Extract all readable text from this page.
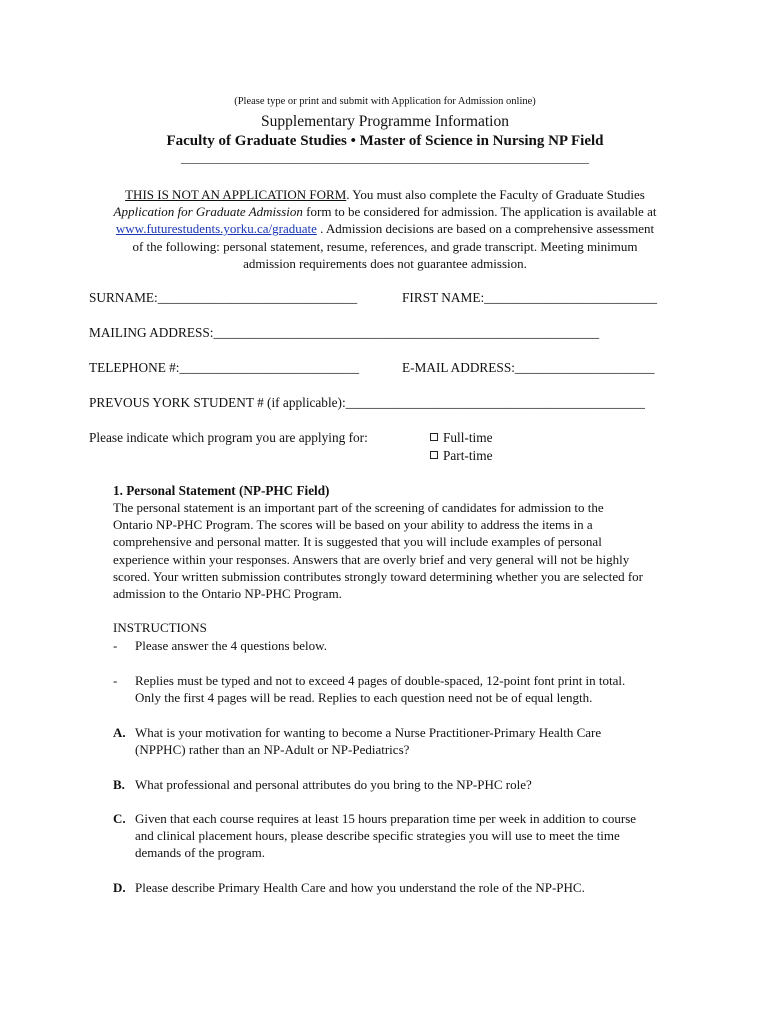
(Please type or print and submit with Application for Admission online)
Supplementary Programme Information
Faculty of Graduate Studies • Master of Science in Nursing NP Field
____________________________________________________________________
THIS IS NOT AN APPLICATION FORM. You must also complete the Faculty of Graduate Studies
Application for Graduate Admission form to be considered for admission. The application is available at
www.futurestudents.yorku.ca/graduate . Admission decisions are based on a comprehensive assessment
of the following: personal statement, resume, references, and grade transcript. Meeting minimum
admission requirements does not guarantee admission.
SURNAME:______________________________	FIRST NAME:__________________________
MAILING ADDRESS:__________________________________________________________
TELEPHONE #:___________________________	E-MAIL ADDRESS:_____________________
PREVOUS YORK STUDENT # (if applicable):_____________________________________________
Please indicate which program you are applying for:	Full-time
Part-time
1. Personal Statement (NP-PHC Field)
The personal statement is an important part of the screening of candidates for admission to the
Ontario NP-PHC Program. The scores will be based on your ability to address the items in a
comprehensive and personal matter. It is suggested that you will include examples of personal
experience within your responses. Answers that are overly brief and very general will not be highly
scored. Your written submission contributes strongly toward determining whether you are selected for
admission to the Ontario NP-PHC Program.
INSTRUCTIONS
- Please answer the 4 questions below.
- Replies must be typed and not to exceed 4 pages of double-spaced, 12-point font print in total.
Only the first 4 pages will be read. Replies to each question need not be of equal length.
A. What is your motivation for wanting to become a Nurse Practitioner-Primary Health Care
(NPPHC) rather than an NP-Adult or NP-Pediatrics?
B. What professional and personal attributes do you bring to the NP-PHC role?
C. Given that each course requires at least 15 hours preparation time per week in addition to course
and clinical placement hours, please describe specific strategies you will use to meet the time
demands of the program.
D. Please describe Primary Health Care and how you understand the role of the NP-PHC.
